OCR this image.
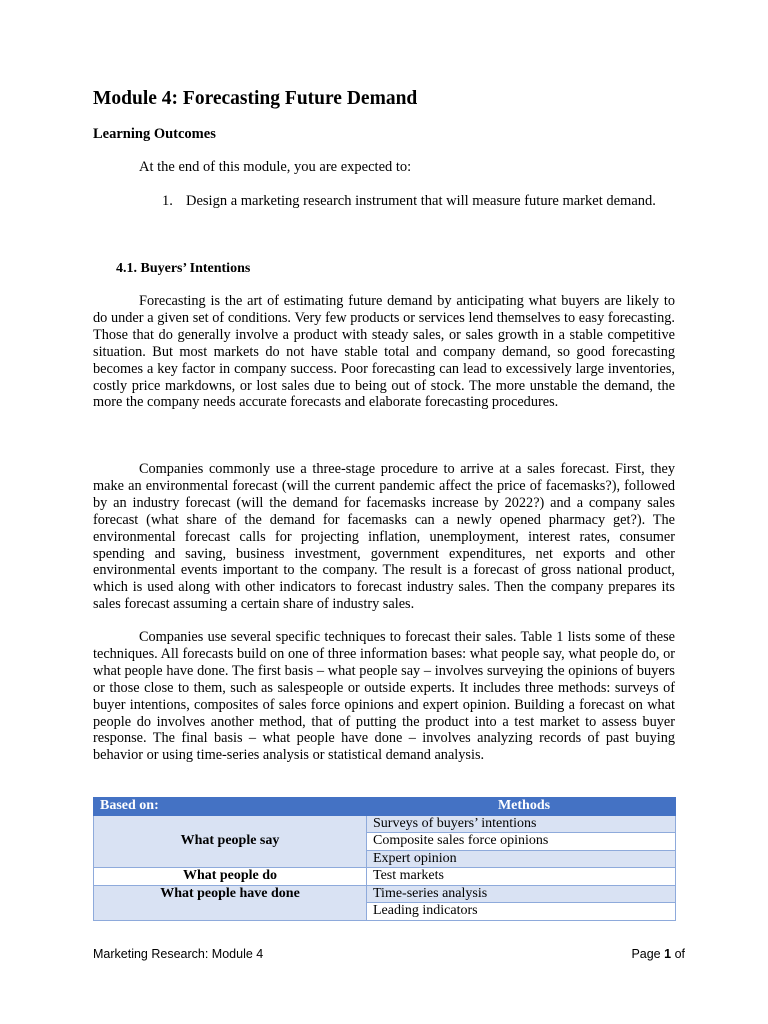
Module 4: Forecasting Future Demand
Learning Outcomes

At the end of this module, you are expected to:

1. Design a marketing research instrument that will measure future market demand.
4.1. Buyers’ Intentions

Forecasting is the art of estimating future demand by anticipating what buyers are likely to do under a given set of conditions. Very few products or services lend themselves to easy forecasting. Those that do generally involve a product with steady sales, or sales growth in a stable competitive situation. But most markets do not have stable total and company demand, so good forecasting becomes a key factor in company success. Poor forecasting can lead to excessively large inventories, costly price markdowns, or lost sales due to being out of stock. The more unstable the demand, the more the company needs accurate forecasts and elaborate forecasting procedures.

Companies commonly use a three-stage procedure to arrive at a sales forecast. First, they make an environmental forecast (will the current pandemic affect the price of facemasks?), followed by an industry forecast (will the demand for facemasks increase by 2022?) and a company sales forecast (what share of the demand for facemasks can a newly opened pharmacy get?). The environmental forecast calls for projecting inflation, unemployment, interest rates, consumer spending and saving, business investment, government expenditures, net exports and other environmental events important to the company. The result is a forecast of gross national product, which is used along with other indicators to forecast industry sales. Then the company prepares its sales forecast assuming a certain share of industry sales.

Companies use several specific techniques to forecast their sales. Table 1 lists some of these techniques. All forecasts build on one of three information bases: what people say, what people do, or what people have done. The first basis – what people say – involves surveying the opinions of buyers or those close to them, such as salespeople or outside experts. It includes three methods: surveys of buyer intentions, composites of sales force opinions and expert opinion. Building a forecast on what people do involves another method, that of putting the product into a test market to assess buyer response. The final basis – what people have done – involves analyzing records of past buying behavior or using time-series analysis or statistical demand analysis.

Based on:	Methods
What people say	Surveys of buyers’ intentions
	Composite sales force opinions
	Expert opinion
What people do	Test markets
What people have done	Time-series analysis
	Leading indicators
Marketing Research: Module 4	Page 1 of
